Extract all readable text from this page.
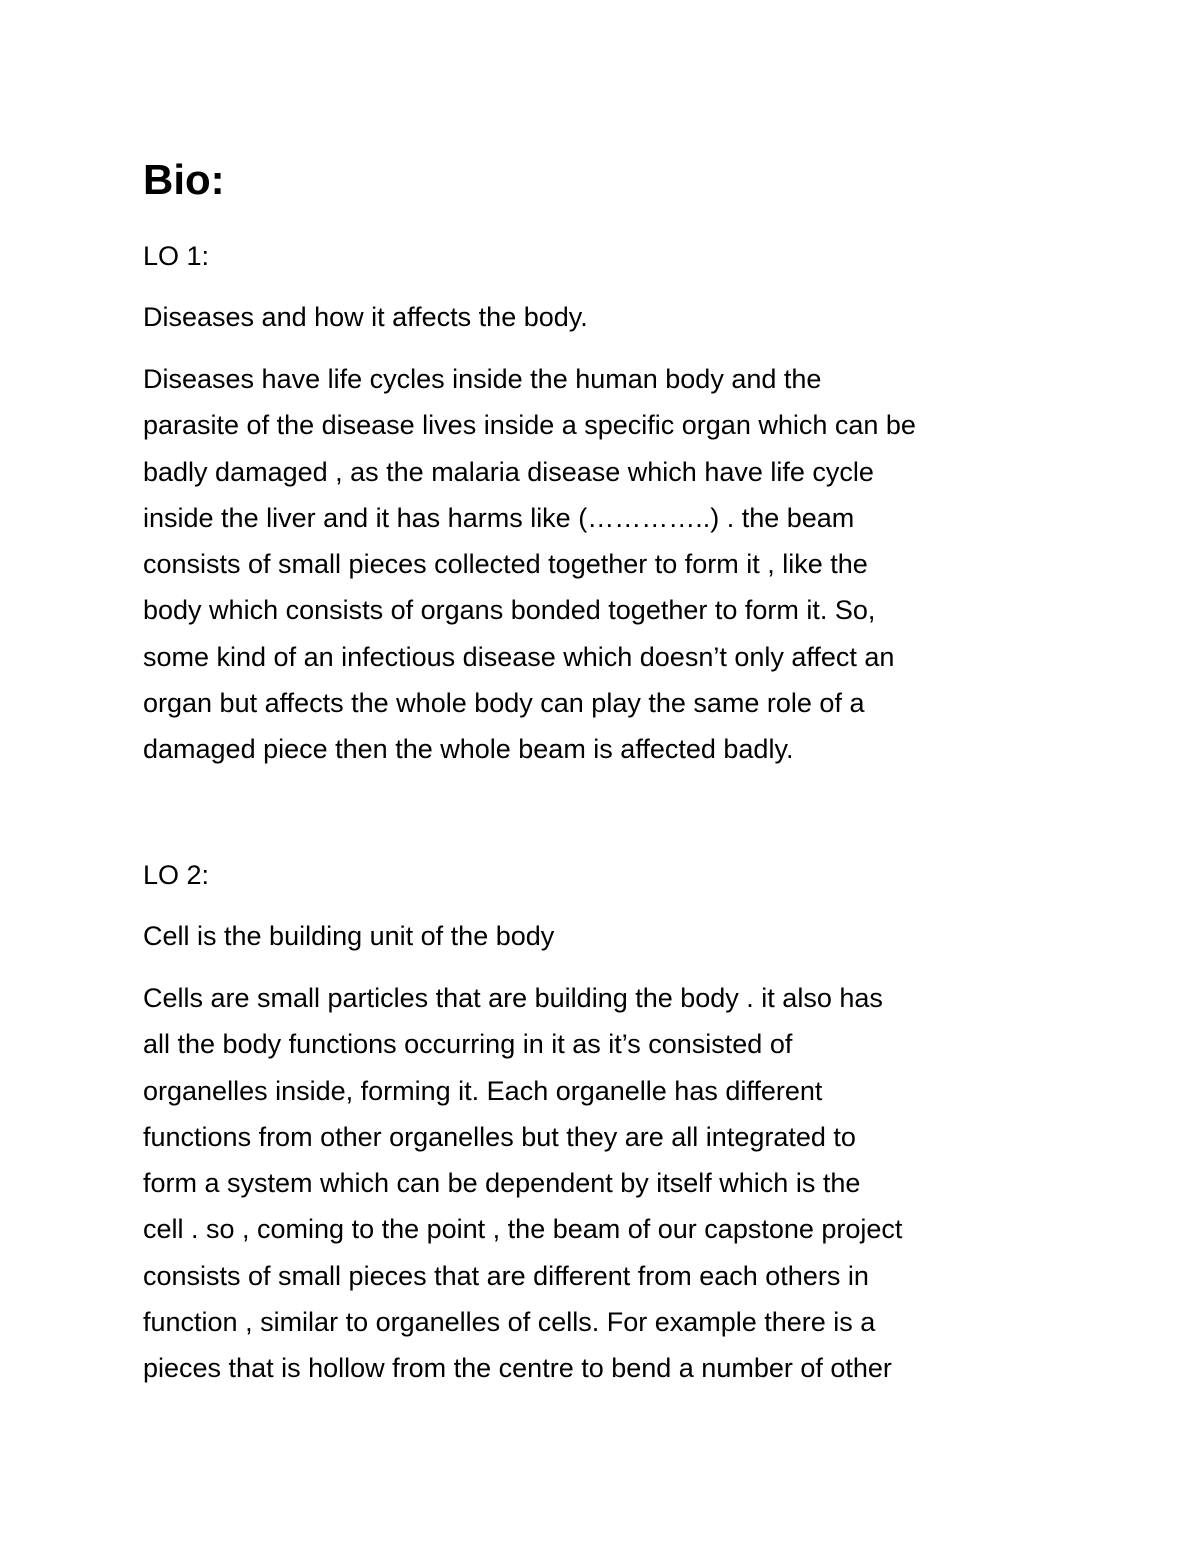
Bio:

LO 1:

Diseases and how it affects the body.

Diseases have life cycles inside the human body and the
parasite of the disease lives inside a specific organ which can be
badly damaged , as the malaria disease which have life cycle
inside the liver and it has harms like (…………..) . the beam
consists of small pieces collected together to form it , like the
body which consists of organs bonded together to form it. So,
some kind of an infectious disease which doesn’t only affect an
organ but affects the whole body can play the same role of a
damaged piece then the whole beam is affected badly.

LO 2:

Cell is the building unit of the body

Cells are small particles that are building the body . it also has
all the body functions occurring in it as it’s consisted of
organelles inside, forming it. Each organelle has different
functions from other organelles but they are all integrated to
form a system which can be dependent by itself which is the
cell . so , coming to the point , the beam of our capstone project
consists of small pieces that are different from each others in
function , similar to organelles of cells. For example there is a
pieces that is hollow from the centre to bend a number of other
